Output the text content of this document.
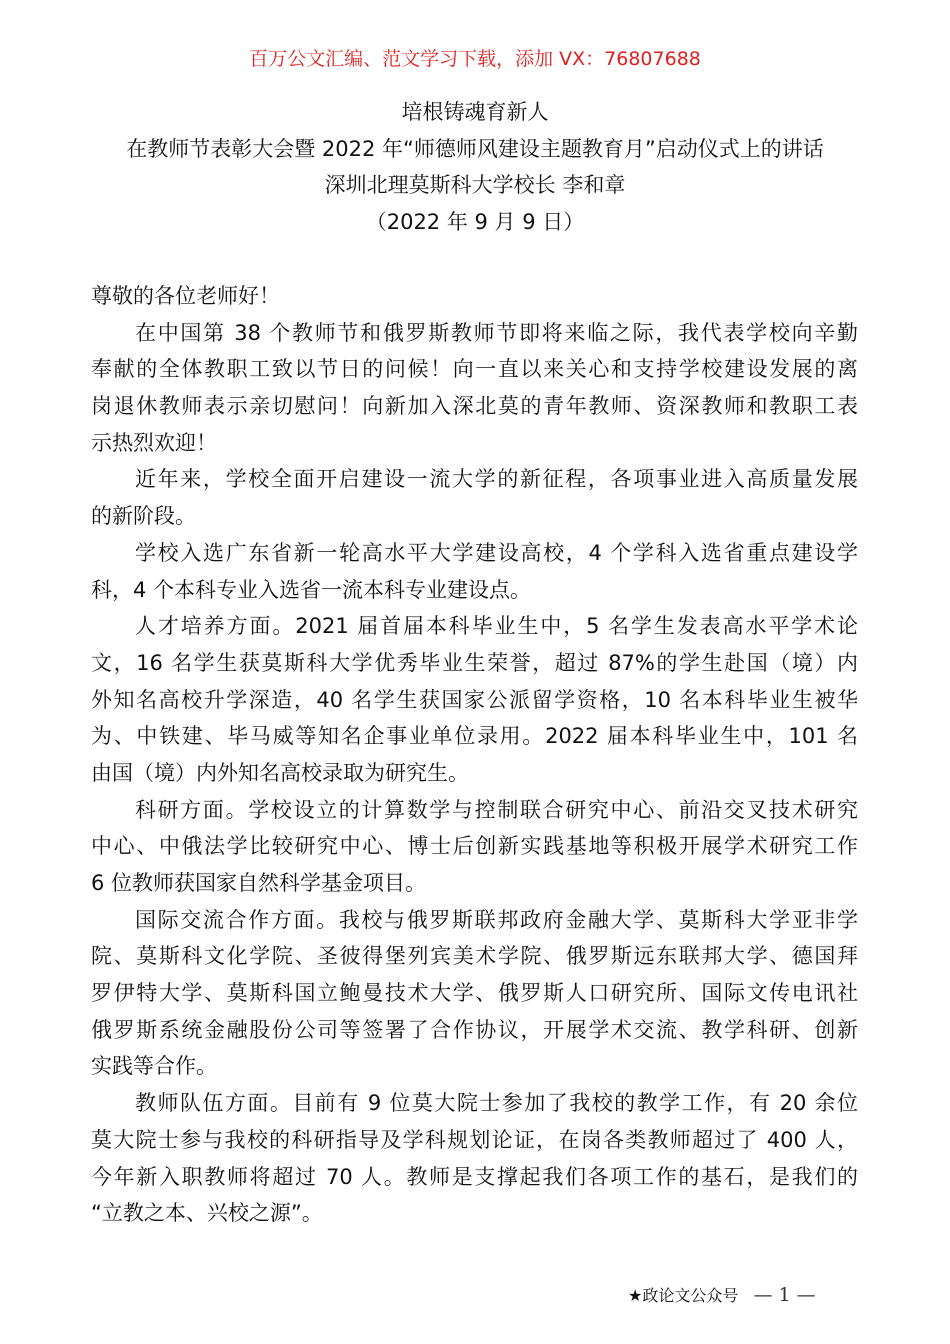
百万公文汇编、范文学习下载，添加 VX：76807688
培根铸魂育新人
在教师节表彰大会暨 2022 年“师德师风建设主题教育月”启动仪式上的讲话
深圳北理莫斯科大学校长 李和章
（2022 年 9 月 9 日）
尊敬的各位老师好！
在中国第 38 个教师节和俄罗斯教师节即将来临之际，我代表学校向辛勤
奉献的全体教职工致以节日的问候！向一直以来关心和支持学校建设发展的离
岗退休教师表示亲切慰问！向新加入深北莫的青年教师、资深教师和教职工表
示热烈欢迎！
近年来，学校全面开启建设一流大学的新征程，各项事业进入高质量发展
的新阶段。
学校入选广东省新一轮高水平大学建设高校，4 个学科入选省重点建设学
科，4 个本科专业入选省一流本科专业建设点。
人才培养方面。2021 届首届本科毕业生中，5 名学生发表高水平学术论
文，16 名学生获莫斯科大学优秀毕业生荣誉，超过 87%的学生赴国（境）内
外知名高校升学深造，40 名学生获国家公派留学资格，10 名本科毕业生被华
为、中铁建、毕马威等知名企事业单位录用。2022 届本科毕业生中，101 名
由国（境）内外知名高校录取为研究生。
科研方面。学校设立的计算数学与控制联合研究中心、前沿交叉技术研究
中心、中俄法学比较研究中心、博士后创新实践基地等积极开展学术研究工作
6 位教师获国家自然科学基金项目。
国际交流合作方面。我校与俄罗斯联邦政府金融大学、莫斯科大学亚非学
院、莫斯科文化学院、圣彼得堡列宾美术学院、俄罗斯远东联邦大学、德国拜
罗伊特大学、莫斯科国立鲍曼技术大学、俄罗斯人口研究所、国际文传电讯社
俄罗斯系统金融股份公司等签署了合作协议，开展学术交流、教学科研、创新
实践等合作。
教师队伍方面。目前有 9 位莫大院士参加了我校的教学工作，有 20 余位
莫大院士参与我校的科研指导及学科规划论证，在岗各类教师超过了 400 人，
今年新入职教师将超过 70 人。教师是支撑起我们各项工作的基石，是我们的
“立教之本、兴校之源”。
★政论文公众号 — 1 —
